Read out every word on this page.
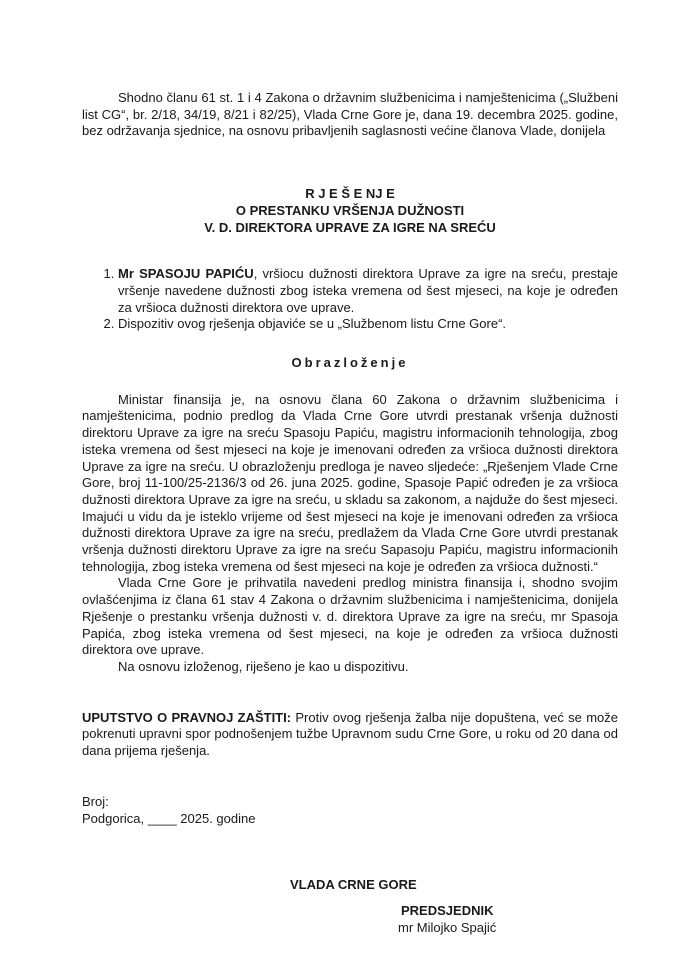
Shodno članu 61 st. 1 i 4 Zakona o državnim službenicima i namještenicima („Službeni list CG“, br. 2/18, 34/19, 8/21 i 82/25), Vlada Crne Gore je, dana 19. decembra 2025. godine, bez održavanja sjednice, na osnovu pribavljenih saglasnosti većine članova Vlade, donijela

R J E Š E NJ E
O PRESTANKU VRŠENJA DUŽNOSTI
V. D. DIREKTORA UPRAVE ZA IGRE NA SREĆU
1. Mr SPASOJU PAPIĆU, vršiocu dužnosti direktora Uprave za igre na sreću, prestaje vršenje navedene dužnosti zbog isteka vremena od šest mjeseci, na koje je određen za vršioca dužnosti direktora ove uprave.
2. Dispozitiv ovog rješenja objaviće se u „Službenom listu Crne Gore“.
Obrazloženje

Ministar finansija je, na osnovu člana 60 Zakona o državnim službenicima i namještenicima, podnio predlog da Vlada Crne Gore utvrdi prestanak vršenja dužnosti direktoru Uprave za igre na sreću Spasoju Papiću, magistru informacionih tehnologija, zbog isteka vremena od šest mjeseci na koje je imenovani određen za vršioca dužnosti direktora Uprave za igre na sreću. U obrazloženju predloga je naveo sljedeće: „Rješenjem Vlade Crne Gore, broj 11-100/25-2136/3 od 26. juna 2025. godine, Spasoje Papić određen je za vršioca dužnosti direktora Uprave za igre na sreću, u skladu sa zakonom, a najduže do šest mjeseci. Imajući u vidu da je isteklo vrijeme od šest mjeseci na koje je imenovani određen za vršioca dužnosti direktora Uprave za igre na sreću, predlažem da Vlada Crne Gore utvrdi prestanak vršenja dužnosti direktoru Uprave za igre na sreću Sapasoju Papiću, magistru informacionih tehnologija, zbog isteka vremena od šest mjeseci na koje je određen za vršioca dužnosti.“

Vlada Crne Gore je prihvatila navedeni predlog ministra finansija i, shodno svojim ovlašćenjima iz člana 61 stav 4 Zakona o državnim službenicima i namještenicima, donijela Rješenje o prestanku vršenja dužnosti v. d. direktora Uprave za igre na sreću, mr Spasoja Papića, zbog isteka vremena od šest mjeseci, na koje je određen za vršioca dužnosti direktora ove uprave.

Na osnovu izloženog, riješeno je kao u dispozitivu.

UPUTSTVO O PRAVNOJ ZAŠTITI: Protiv ovog rješenja žalba nije dopuštena, već se može pokrenuti upravni spor podnošenjem tužbe Upravnom sudu Crne Gore, u roku od 20 dana od dana prijema rješenja.

Broj:
Podgorica, ____ 2025. godine
VLADA CRNE GORE
PREDSJEDNIK
mr Milojko Spajić
